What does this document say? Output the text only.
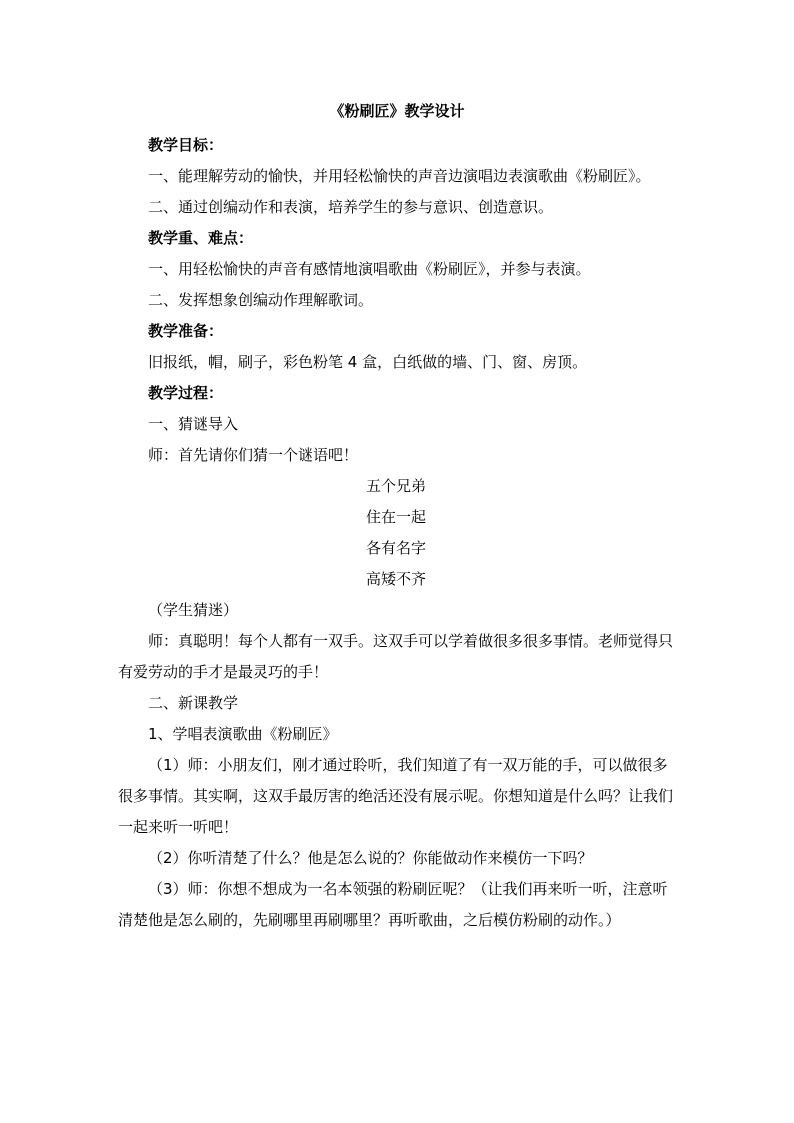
《粉刷匠》教学设计

教学目标：

一、能理解劳动的愉快，并用轻松愉快的声音边演唱边表演歌曲《粉刷匠》。

二、通过创编动作和表演，培养学生的参与意识、创造意识。

教学重、难点：

一、用轻松愉快的声音有感情地演唱歌曲《粉刷匠》，并参与表演。

二、发挥想象创编动作理解歌词。

教学准备：

旧报纸，帽，刷子，彩色粉笔 4 盒，白纸做的墙、门、窗、房顶。

教学过程：

一、猜谜导入

师：首先请你们猜一个谜语吧！

五个兄弟

住在一起

各有名字

高矮不齐

（学生猜迷）

师：真聪明！每个人都有一双手。这双手可以学着做很多很多事情。老师觉得只有爱劳动的手才是最灵巧的手！

二、新课教学

1、学唱表演歌曲《粉刷匠》

（1）师：小朋友们，刚才通过聆听，我们知道了有一双万能的手，可以做很多很多事情。其实啊，这双手最厉害的绝活还没有展示呢。你想知道是什么吗？让我们一起来听一听吧！

（2）你听清楚了什么？他是怎么说的？你能做动作来模仿一下吗？

（3）师：你想不想成为一名本领强的粉刷匠呢？（让我们再来听一听，注意听清楚他是怎么刷的，先刷哪里再刷哪里？再听歌曲，之后模仿粉刷的动作。）
